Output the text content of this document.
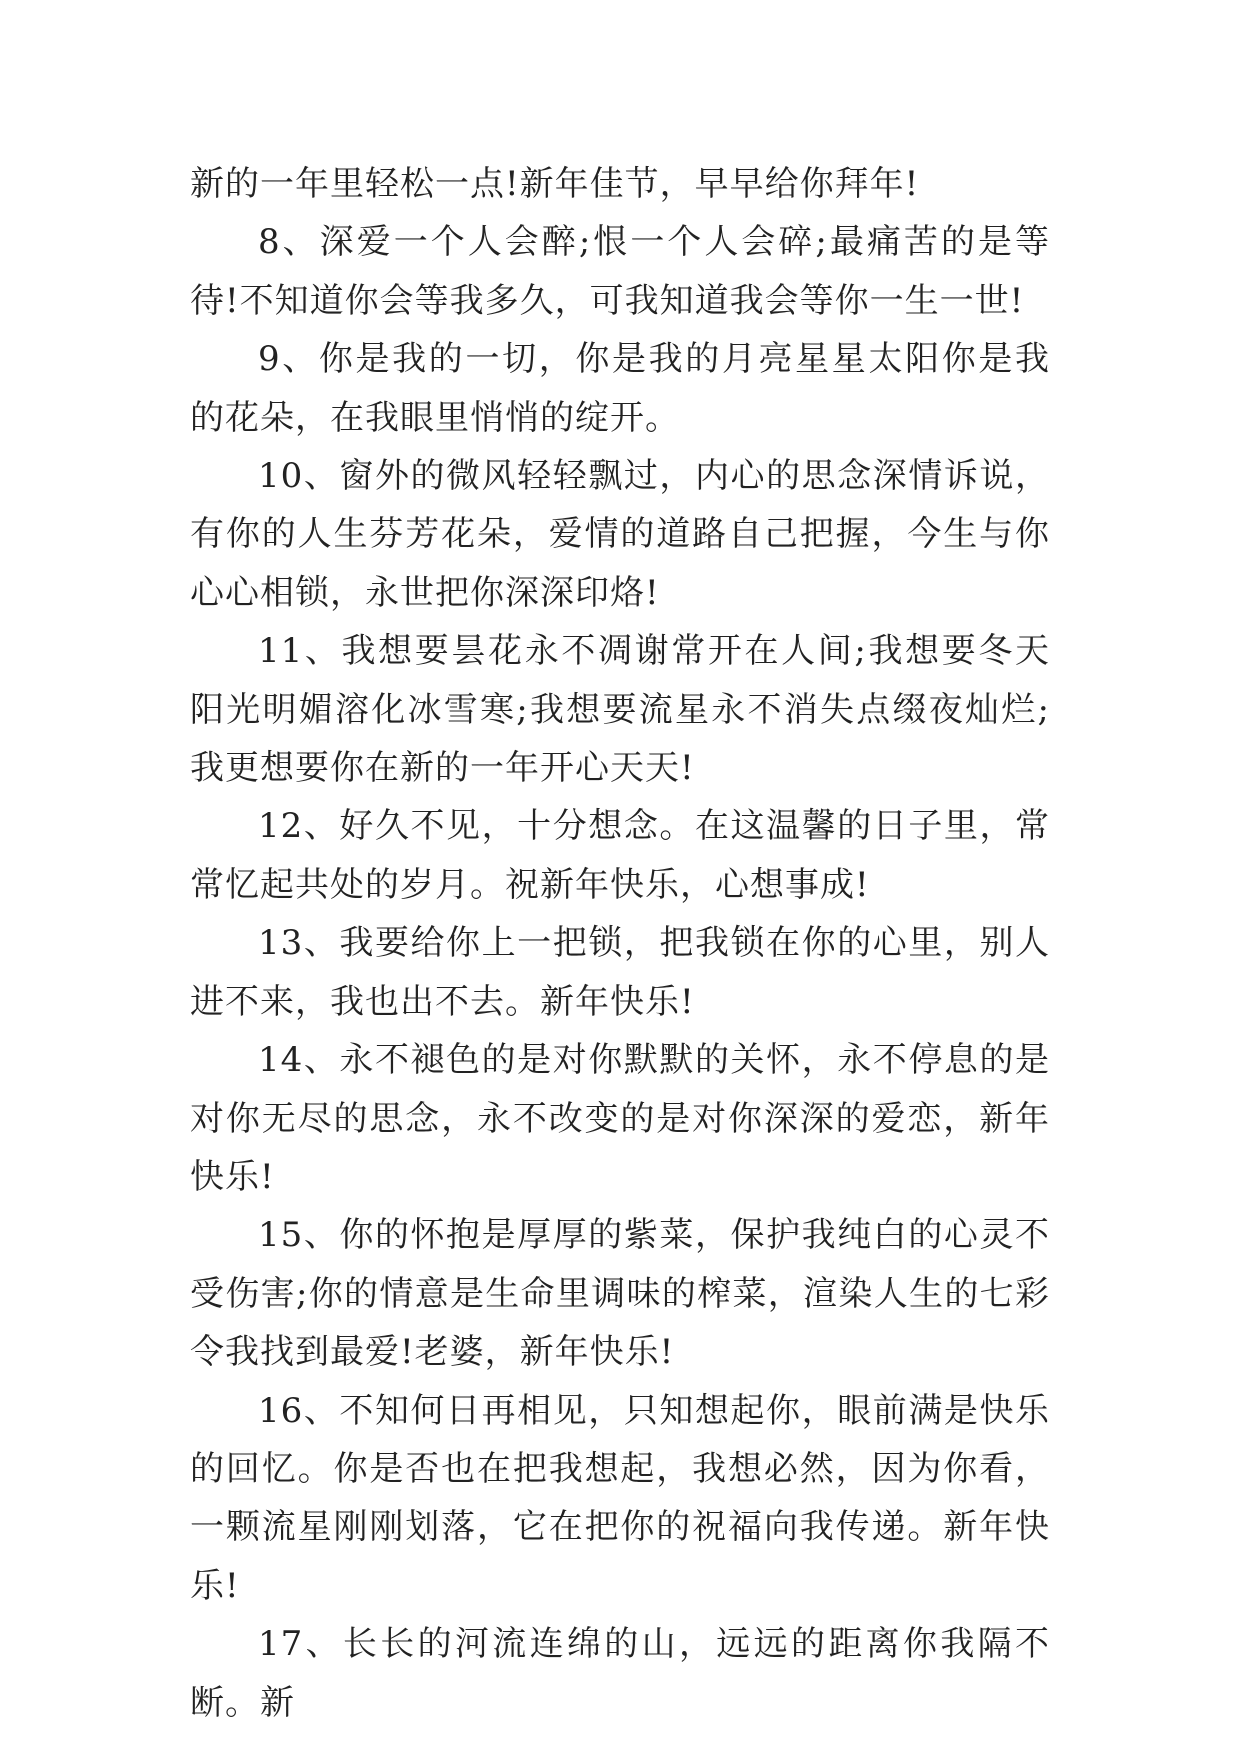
新的一年里轻松一点!新年佳节，早早给你拜年!

8、深爱一个人会醉;恨一个人会碎;最痛苦的是等待!不知道你会等我多久，可我知道我会等你一生一世!

9、你是我的一切，你是我的月亮星星太阳你是我的花朵，在我眼里悄悄的绽开。

10、窗外的微风轻轻飘过，内心的思念深情诉说，有你的人生芬芳花朵，爱情的道路自己把握，今生与你心心相锁，永世把你深深印烙!

11、我想要昙花永不凋谢常开在人间;我想要冬天阳光明媚溶化冰雪寒;我想要流星永不消失点缀夜灿烂;我更想要你在新的一年开心天天!

12、好久不见，十分想念。在这温馨的日子里，常常忆起共处的岁月。祝新年快乐，心想事成!

13、我要给你上一把锁，把我锁在你的心里，别人进不来，我也出不去。新年快乐!

14、永不褪色的是对你默默的关怀，永不停息的是对你无尽的思念，永不改变的是对你深深的爱恋，新年快乐!

15、你的怀抱是厚厚的紫菜，保护我纯白的心灵不受伤害;你的情意是生命里调味的榨菜，渲染人生的七彩令我找到最爱!老婆，新年快乐!

16、不知何日再相见，只知想起你，眼前满是快乐的回忆。你是否也在把我想起，我想必然，因为你看，一颗流星刚刚划落，它在把你的祝福向我传递。新年快乐!

17、长长的河流连绵的山，远远的距离你我隔不断。新
